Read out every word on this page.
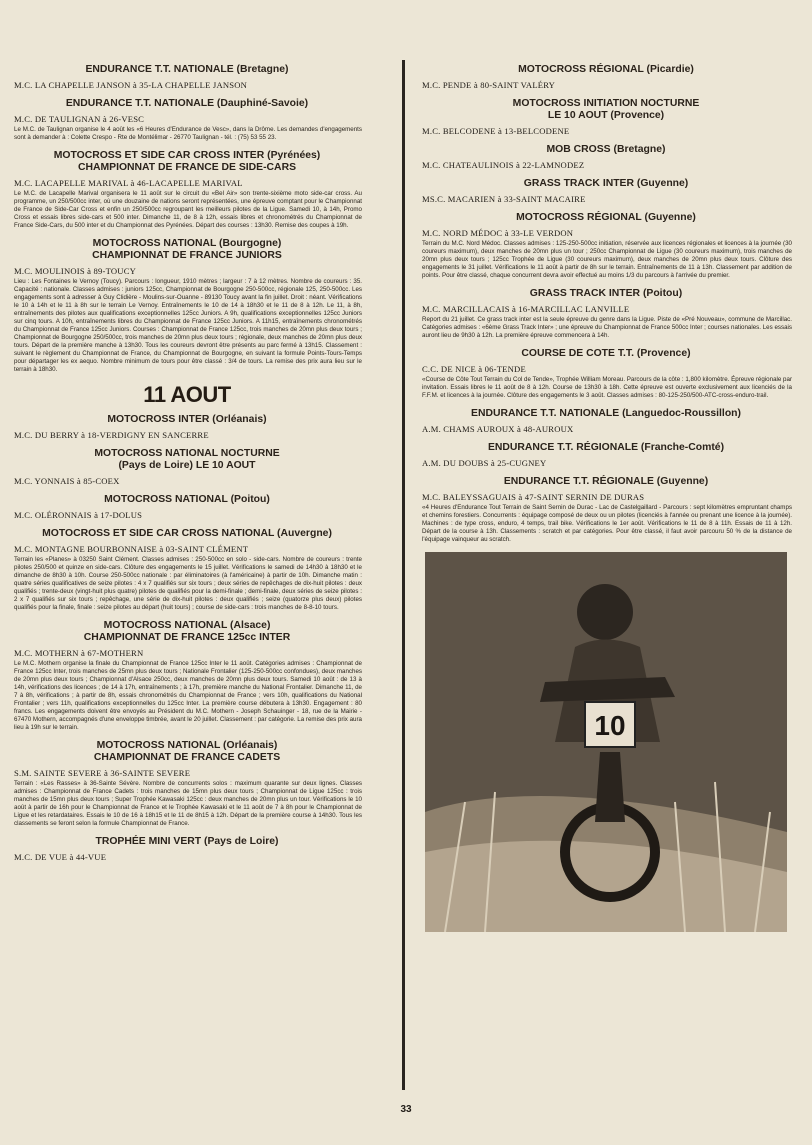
ENDURANCE T.T. NATIONALE (Bretagne)
M.C. LA CHAPELLE JANSON à 35-LA CHAPELLE JANSON
ENDURANCE T.T. NATIONALE (Dauphiné-Savoie)
M.C. DE TAULIGNAN à 26-VESC
Le M.C. de Taulignan organise le 4 août les «6 Heures d'Endurance de Vesc», dans la Drôme. Les demandes d'engagements sont à demander à : Colette Crespo - Rte de Montélimar - 26770 Taulignan - tél. : (75) 53 55 23.
MOTOCROSS ET SIDE CAR CROSS INTER (Pyrénées)
CHAMPIONNAT DE FRANCE DE SIDE-CARS
M.C. LACAPELLE MARIVAL à 46-LACAPELLE MARIVAL
Le M.C. de Lacapelle Marival organisera le 11 août sur le circuit du «Bel Air» son trente-sixième moto side-car cross. Au programme, un 250/500cc inter, où une douzaine de nations seront représentées, une épreuve comptant pour le Championnat de France de Side-Car Cross et enfin un 250/500cc regroupant les meilleurs pilotes de la Ligue. Samedi 10, à 14h, Promo Cross et essais libres side-cars et 500 inter. Dimanche 11, de 8 à 12h, essais libres et chronométrés du Championnat de France Side-Cars, du 500 inter et du Championnat des Pyrénées. Départ des courses : 13h30. Remise des coupes à 19h.
MOTOCROSS NATIONAL (Bourgogne)
CHAMPIONNAT DE FRANCE JUNIORS
M.C. MOULINOIS à 89-TOUCY
Lieu : Les Fontaines le Vernoy (Toucy). Parcours : longueur, 1910 mètres ; largeur : 7 à 12 mètres. Nombre de coureurs : 35. Capacité : nationale. Classes admises : juniors 125cc, Championnat de Bourgogne 250-500cc, régionale 125, 250-500cc. Les engagements sont à adresser à Guy Clidière - Moulins-sur-Ouanne - 89130 Toucy avant la fin juillet. Droit : néant. Vérifications le 10 à 14h et le 11 à 8h sur le terrain Le Vernoy. Entraînements le 10 de 14 à 18h30 et le 11 de 8 à 12h. Le 11, à 8h, entraînements des pilotes aux qualifications exceptionnelles 125cc Juniors. A 9h, qualifications exceptionnelles 125cc Juniors sur cinq tours. A 10h, entraînements libres du Championnat de France 125cc Juniors. A 11h15, entraînements chronométrés du Championnat de France 125cc Juniors. Courses : Championnat de France 125cc, trois manches de 20mn plus deux tours ; Championnat de Bourgogne 250/500cc, trois manches de 20mn plus deux tours ; régionale, deux manches de 20mn plus deux tours. Départ de la première manche à 13h30. Tous les coureurs devront être présents au parc fermé à 13h15. Classement : suivant le règlement du Championnat de France, du Championnat de Bourgogne, en suivant la formule Points-Tours-Temps pour départager les ex aequo. Nombre minimum de tours pour être classé : 3/4 de tours. La remise des prix aura lieu sur le terrain à 18h30.
11 AOUT
MOTOCROSS INTER (Orléanais)
M.C. DU BERRY à 18-VERDIGNY EN SANCERRE
MOTOCROSS NATIONAL NOCTURNE
(Pays de Loire) LE 10 AOUT
M.C. YONNAIS à 85-COEX
MOTOCROSS NATIONAL (Poitou)
M.C. OLÉRONNAIS à 17-DOLUS
MOTOCROSS ET SIDE CAR CROSS NATIONAL (Auvergne)
M.C. MONTAGNE BOURBONNAISE à 03-SAINT CLÉMENT
Terrain les «Planes» à 03250 Saint Clément. Classes admises : 250-500cc en solo - side-cars. Nombre de coureurs : trente pilotes 250/500 et quinze en side-cars. Clôture des engagements le 15 juillet. Vérifications le samedi de 14h30 à 18h30 et le dimanche de 8h30 à 10h. Course 250-500cc nationale : par éliminatoires (à l'américaine) à partir de 10h. Dimanche matin : quatre séries qualificatives de seize pilotes : 4 x 7 qualifiés sur six tours ; deux séries de repêchages de dix-huit pilotes : deux qualifiés ; trente-deux (vingt-huit plus quatre) pilotes de qualifiés pour la demi-finale ; demi-finale, deux séries de seize pilotes : 2 x 7 qualifiés sur six tours ; repêchage, une série de dix-huit pilotes : deux qualifiés ; seize (quatorze plus deux) pilotes qualifiés pour la finale, finale : seize pilotes au départ (huit tours) ; course de side-cars : trois manches de 8-8-10 tours.
MOTOCROSS NATIONAL (Alsace)
CHAMPIONNAT DE FRANCE 125cc INTER
M.C. MOTHERN à 67-MOTHERN
Le M.C. Mothern organise la finale du Championnat de France 125cc Inter le 11 août. Catégories admises : Championnat de France 125cc Inter, trois manches de 25mn plus deux tours ; Nationale Frontalier (125-250-500cc confondues), deux manches de 20mn plus deux tours ; Championnat d'Alsace 250cc, deux manches de 20mn plus deux tours. Samedi 10 août : de 13 à 14h, vérifications des licences ; de 14 à 17h, entraînements ; à 17h, première manche du National Frontalier. Dimanche 11, de 7 à 8h, vérifications ; à partir de 8h, essais chronométrés du Championnat de France ; vers 10h, qualifications du National Frontalier ; vers 11h, qualifications exceptionnelles du 125cc Inter. La première course débutera à 13h30. Engagement : 80 francs. Les engagements doivent être envoyés au Président du M.C. Mothern - Joseph Schauinger - 18, rue de la Mairie - 67470 Mothern, accompagnés d'une enveloppe timbrée, avant le 20 juillet. Classement : par catégorie. La remise des prix aura lieu à 19h sur le terrain.
MOTOCROSS NATIONAL (Orléanais)
CHAMPIONNAT DE FRANCE CADETS
S.M. SAINTE SEVERE à 36-SAINTE SEVERE
Terrain : «Les Rasses» à 36-Sainte Sévère. Nombre de concurrents solos : maximum quarante sur deux lignes. Classes admises : Championnat de France Cadets : trois manches de 15mn plus deux tours ; Championnat de Ligue 125cc : trois manches de 15mn plus deux tours ; Super Trophée Kawasaki 125cc : deux manches de 20mn plus un tour. Vérifications le 10 août à partir de 16h pour le Championnat de France et le Trophée Kawasaki et le 11 août de 7 à 8h pour le Championnat de Ligue et les retardataires. Essais le 10 de 16 à 18h15 et le 11 de 8h15 à 12h. Départ de la première course à 14h30. Tous les classements se feront selon la formule Championnat de France.
TROPHÉE MINI VERT (Pays de Loire)
M.C. DE VUE à 44-VUE
MOTOCROSS RÉGIONAL (Picardie)
M.C. PENDE à 80-SAINT VALÉRY
MOTOCROSS INITIATION NOCTURNE
LE 10 AOUT (Provence)
M.C. BELCODENE à 13-BELCODENE
MOB CROSS (Bretagne)
M.C. CHATEAULINOIS à 22-LAMNODEZ
GRASS TRACK INTER (Guyenne)
MS.C. MACARIEN à 33-SAINT MACAIRE
MOTOCROSS RÉGIONAL (Guyenne)
M.C. NORD MÉDOC à 33-LE VERDON
Terrain du M.C. Nord Médoc. Classes admises : 125-250-500cc initiation, réservée aux licences régionales et licences à la journée (30 coureurs maximum), deux manches de 20mn plus un tour ; 250cc Championnat de Ligue (30 coureurs maximum), trois manches de 20mn plus deux tours ; 125cc Trophée de Ligue (30 coureurs maximum), deux manches de 20mn plus deux tours. Clôture des engagements le 31 juillet. Vérifications le 11 août à partir de 8h sur le terrain. Entraînements de 11 à 13h. Classement par addition de points. Pour être classé, chaque concurrent devra avoir effectué au moins 1/3 du parcours à l'arrivée du premier.
GRASS TRACK INTER (Poitou)
M.C. MARCILLACAIS à 16-MARCILLAC LANVILLE
Report du 21 juillet. Ce grass track inter est la seule épreuve du genre dans la Ligue. Piste de «Pré Nouveau», commune de Marcillac. Catégories admises : «6ème Grass Track Inter» ; une épreuve du Championnat de France 500cc Inter ; courses nationales. Les essais auront lieu de 9h30 à 12h. La première épreuve commencera à 14h.
COURSE DE COTE T.T. (Provence)
C.C. DE NICE à 06-TENDE
«Course de Côte Tout Terrain du Col de Tende», Trophée William Moreau. Parcours de la côte : 1,800 kilomètre. Épreuve régionale par invitation. Essais libres le 11 août de 8 à 12h. Course de 13h30 à 18h. Cette épreuve est ouverte exclusivement aux licenciés de la F.F.M. et licences à la journée. Clôture des engagements le 3 août. Classes admises : 80-125-250/500-ATC-cross-enduro-trail.
ENDURANCE T.T. NATIONALE (Languedoc-Roussillon)
A.M. CHAMS AUROUX à 48-AUROUX
ENDURANCE T.T. RÉGIONALE (Franche-Comté)
A.M. DU DOUBS à 25-CUGNEY
ENDURANCE T.T. RÉGIONALE (Guyenne)
M.C. BALEYSSAGUAIS à 47-SAINT SERNIN DE DURAS
«4 Heures d'Endurance Tout Terrain de Saint Sernin de Durac - Lac de Castelgaillard - Parcours : sept kilomètres empruntant champs et chemins forestiers. Concurrents : équipage composé de deux ou un pilotes (licenciés à l'année ou prenant une licence à la journée). Machines : de type cross, enduro, 4 temps, trail bike. Vérifications le 1er août. Vérifications le 11 de 8 à 11h. Essais de 11 à 12h. Départ de la course à 13h. Classements : scratch et par catégories. Pour être classé, il faut avoir parcouru 50 % de la distance de l'équipage vainqueur au scratch.
10
33
